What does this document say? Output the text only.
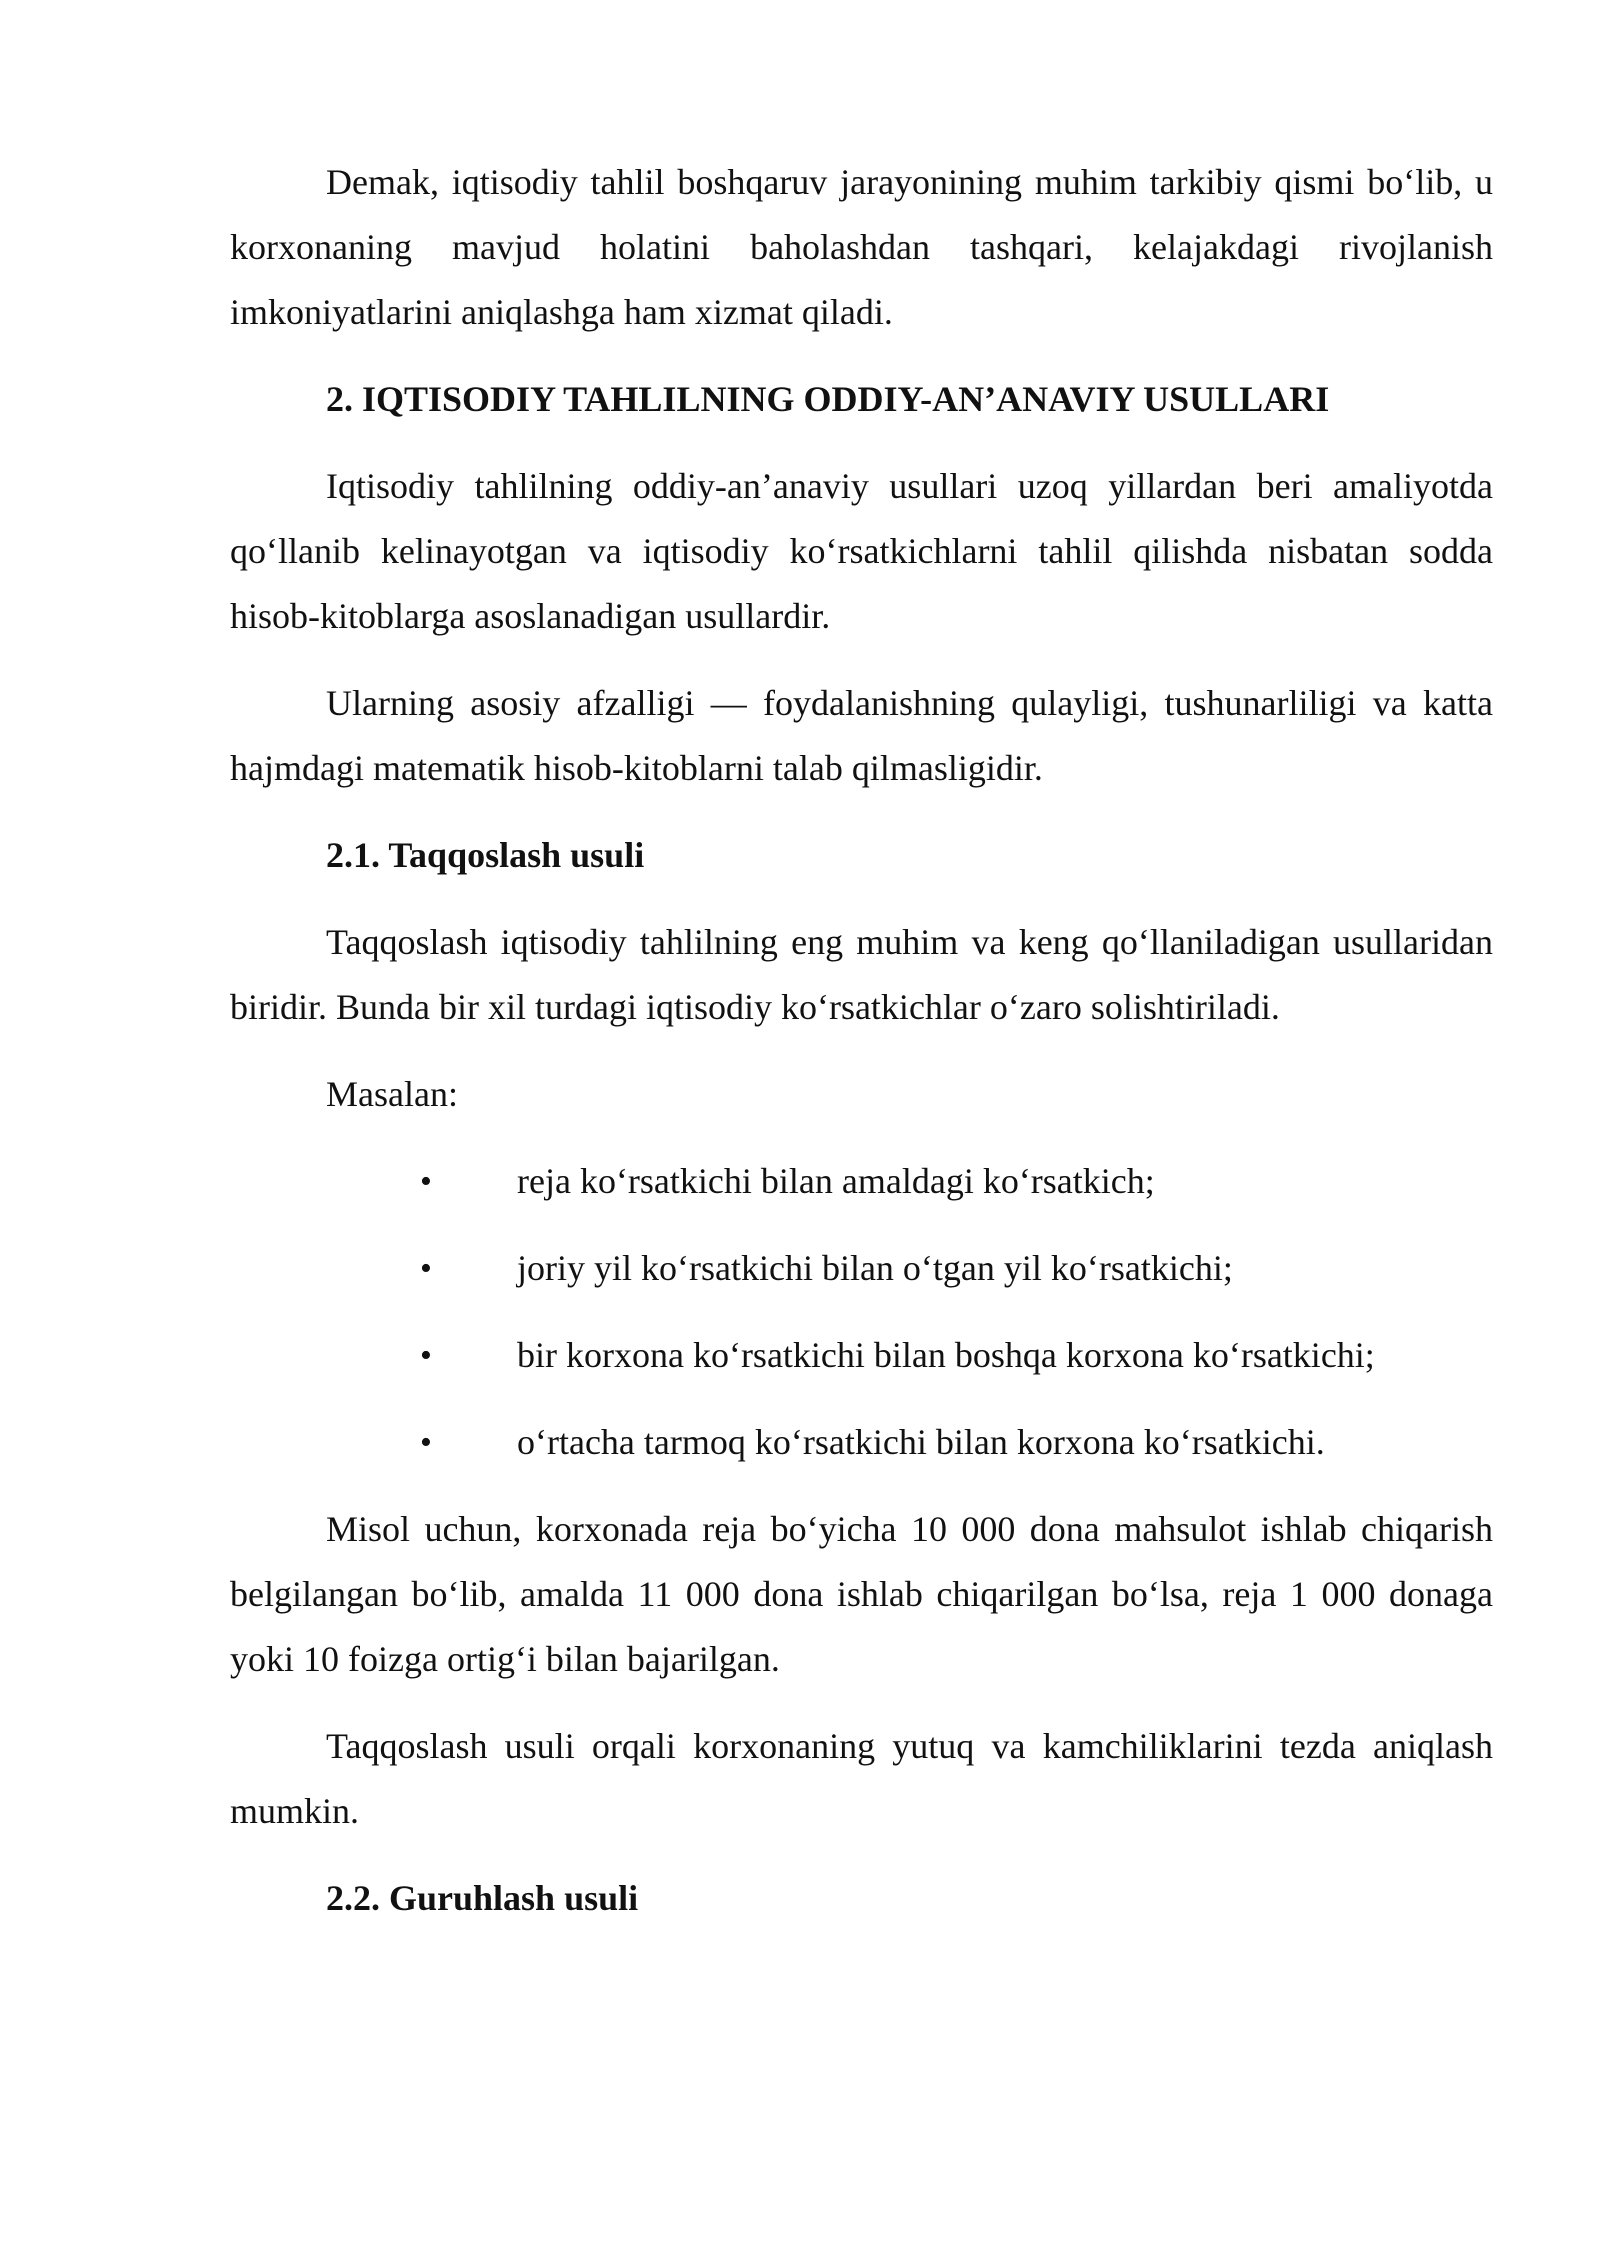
Demak, iqtisodiy tahlil boshqaruv jarayonining muhim tarkibiy qismi bo‘lib, u korxonaning mavjud holatini baholashdan tashqari, kelajakdagi rivojlanish imkoniyatlarini aniqlashga ham xizmat qiladi.

2. IQTISODIY TAHLILNING ODDIY-AN’ANAVIY USULLARI

Iqtisodiy tahlilning oddiy-an’anaviy usullari uzoq yillardan beri amaliyotda qo‘llanib kelinayotgan va iqtisodiy ko‘rsatkichlarni tahlil qilishda nisbatan sodda hisob-kitoblarga asoslanadigan usullardir.

Ularning asosiy afzalligi — foydalanishning qulayligi, tushunarliligi va katta hajmdagi matematik hisob-kitoblarni talab qilmasligidir.

2.1. Taqqoslash usuli

Taqqoslash iqtisodiy tahlilning eng muhim va keng qo‘llaniladigan usullaridan biridir. Bunda bir xil turdagi iqtisodiy ko‘rsatkichlar o‘zaro solishtiriladi.

Masalan:

• reja ko‘rsatkichi bilan amaldagi ko‘rsatkich;
• joriy yil ko‘rsatkichi bilan o‘tgan yil ko‘rsatkichi;
• bir korxona ko‘rsatkichi bilan boshqa korxona ko‘rsatkichi;
• o‘rtacha tarmoq ko‘rsatkichi bilan korxona ko‘rsatkichi.

Misol uchun, korxonada reja bo‘yicha 10 000 dona mahsulot ishlab chiqarish belgilangan bo‘lib, amalda 11 000 dona ishlab chiqarilgan bo‘lsa, reja 1 000 donaga yoki 10 foizga ortig‘i bilan bajarilgan.

Taqqoslash usuli orqali korxonaning yutuq va kamchiliklarini tezda aniqlash mumkin.

2.2. Guruhlash usuli
